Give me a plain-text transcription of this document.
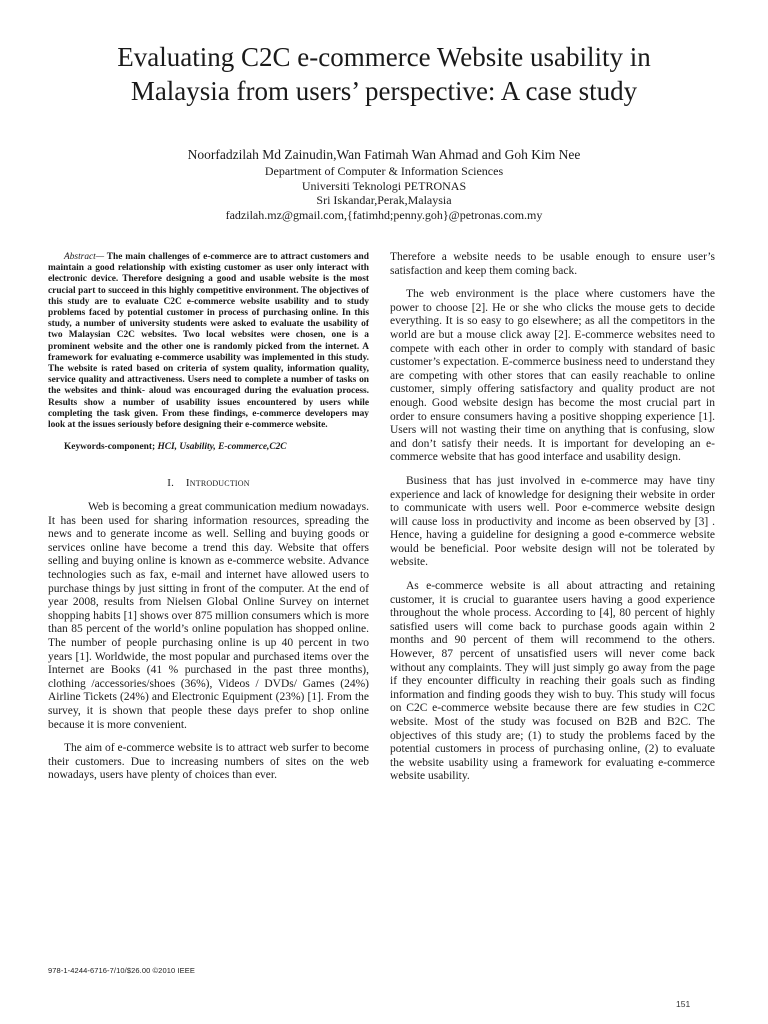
Evaluating C2C e-commerce Website usability in
Malaysia from users’ perspective: A case study
Noorfadzilah Md Zainudin,Wan Fatimah Wan Ahmad and Goh Kim Nee
Department of Computer & Information Sciences
Universiti Teknologi PETRONAS
Sri Iskandar,Perak,Malaysia
fadzilah.mz@gmail.com,{fatimhd;penny.goh}@petronas.com.my

Abstract— The main challenges of e-commerce are to attract customers and maintain a good relationship with existing customer as user only interact with electronic device. Therefore designing a good and usable website is the most crucial part to succeed in this highly competitive environment. The objectives of this study are to evaluate C2C e-commerce website usability and to study problems faced by potential customer in process of purchasing online. In this study, a number of university students were asked to evaluate the usability of two Malaysian C2C websites. Two local websites were chosen, one is a prominent website and the other one is randomly picked from the internet. A framework for evaluating e-commerce usability was implemented in this study. The website is rated based on criteria of system quality, information quality, service quality and attractiveness. Users need to complete a number of tasks on the websites and think- aloud was encouraged during the evaluation process. Results show a number of usability issues encountered by users while completing the task given. From these findings, e-commerce developers may look at the issues seriously before designing their e-commerce website.

Keywords-component; HCI, Usability, E-commerce,C2C

I. Introduction

Web is becoming a great communication medium nowadays. It has been used for sharing information resources, spreading the news and to generate income as well. Selling and buying goods or services online have become a trend this day. Website that offers selling and buying online is known as e-commerce website. Advance technologies such as fax, e-mail and internet have allowed users to purchase things by just sitting in front of the computer. At the end of year 2008, results from Nielsen Global Online Survey on internet shopping habits [1] shows over 875 million consumers which is more than 85 percent of the world’s online population has shopped online. The number of people purchasing online is up 40 percent in two years [1]. Worldwide, the most popular and purchased items over the Internet are Books (41 % purchased in the past three months), clothing /accessories/shoes (36%), Videos / DVDs/ Games (24%) Airline Tickets (24%) and Electronic Equipment (23%) [1]. From the survey, it is shown that people these days prefer to shop online because it is more convenient.

The aim of e-commerce website is to attract web surfer to become their customers. Due to increasing numbers of sites on the web nowadays, users have plenty of choices than ever.

Therefore a website needs to be usable enough to ensure user’s satisfaction and keep them coming back.

The web environment is the place where customers have the power to choose [2]. He or she who clicks the mouse gets to decide everything. It is so easy to go elsewhere; as all the competitors in the world are but a mouse click away [2]. E-commerce websites need to compete with each other in order to comply with standard of basic customer’s expectation. E-commerce business need to understand they are competing with other stores that can easily reachable to online customer, simply offering satisfactory and quality product are not enough. Good website design has become the most crucial part in order to ensure consumers having a positive shopping experience [1]. Users will not wasting their time on anything that is confusing, slow and don’t satisfy their needs. It is important for developing an e-commerce website that has good interface and usability design.

Business that has just involved in e-commerce may have tiny experience and lack of knowledge for designing their website in order to communicate with users well. Poor e-commerce website design will cause loss in productivity and income as been observed by [3] . Hence, having a guideline for designing a good e-commerce website would be beneficial. Poor website design will not be tolerated by website.

As e-commerce website is all about attracting and retaining customer, it is crucial to guarantee users having a good experience throughout the whole process. According to [4], 80 percent of highly satisfied users will come back to purchase goods again within 2 months and 90 percent of them will recommend to the others. However, 87 percent of unsatisfied users will never come back without any complaints. They will just simply go away from the page if they encounter difficulty in reaching their goals such as finding information and finding goods they wish to buy. This study will focus on C2C e-commerce website because there are few studies in C2C website. Most of the study was focused on B2B and B2C. The objectives of this study are; (1) to study the problems faced by the potential customers in process of purchasing online, (2) to evaluate the website usability using a framework for evaluating e-commerce website usability.

978-1-4244-6716-7/10/$26.00 ©2010 IEEE
151
